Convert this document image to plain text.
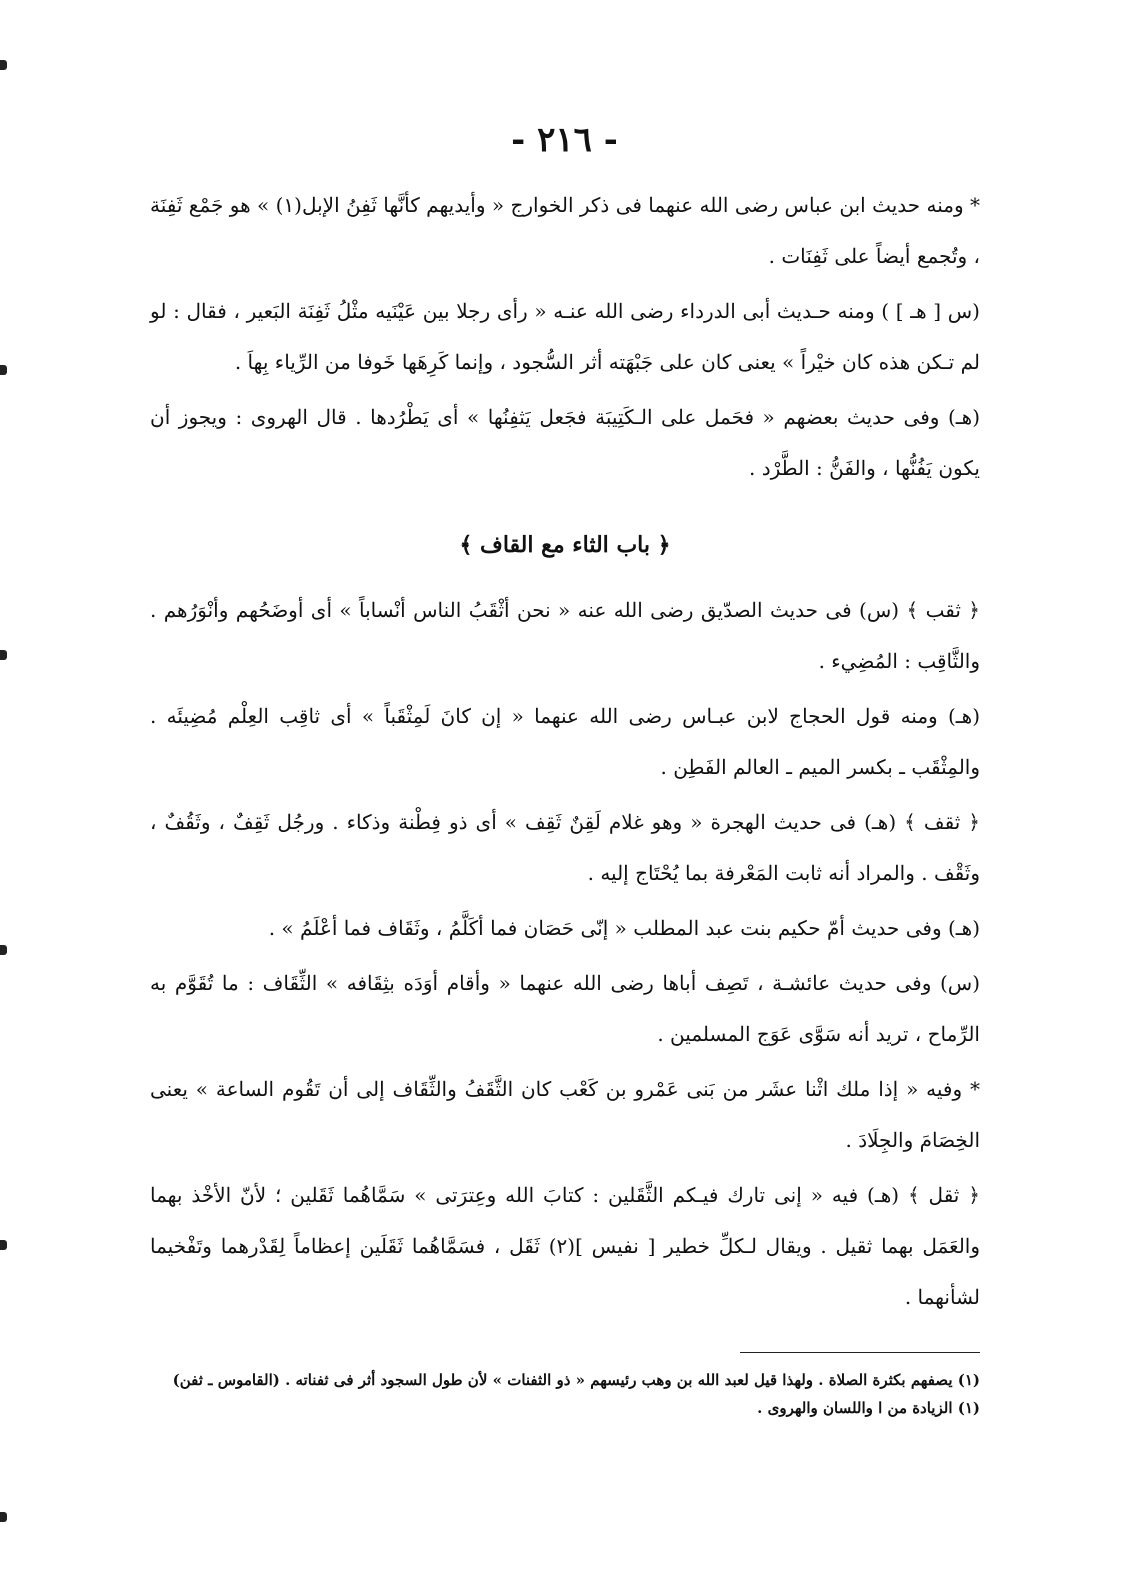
- ٢١٦ -

* ومنه حديث ابن عباس رضى الله عنهما فى ذكر الخوارج « وأيديهم كأنَّها ثَفِنُ الإبل(١) » هو جَمْع ثَفِنَة ، وتُجمع أيضاً على ثَفِنَات .

(س [ هـ ] ) ومنه حـديث أبى الدرداء رضى الله عنـه « رأى رجلا بين عَيْنَيه مثْلُ ثَفِنَة البَعير ، فقال : لو لم تـكن هذه كان خيْراً » يعنى كان على جَبْهَته أثر السُّجود ، وإنما كَرِهَها خَوفا من الرِّياء بِهاَ .

(هـ) وفى حديث بعضهم « فحَمل على الـكَتِيبَة فجَعل يَثفِنُها » أى يَطْرُدها . قال الهروى : ويجوز أن يكون يَفُنُّها ، والفَنُّ : الطَّرْد .

﴿ باب الثاء مع القاف ﴾

﴿ ثقب ﴾ (س) فى حديث الصدّيق رضى الله عنه « نحن أثْقَبُ الناس أنْساباً » أى أوضَحُهم وأنْوَرُهم . والثَّاقِب : المُضِيء .

(هـ) ومنه قول الحجاج لابن عبـاس رضى الله عنهما « إن كانَ لَمِثْقَباً » أى ثاقِب العِلْم مُضِيئَه . والمِثْقَب ـ بكسر الميم ـ العالم الفَطِن .

﴿ ثقف ﴾ (هـ) فى حديث الهجرة « وهو غلام لَقِنٌ ثَقِف » أى ذو فِطْنة وذكاء . ورجُل ثَقِفٌ ، وثَقُفٌ ، وثَقْف . والمراد أنه ثابت المَعْرفة بما يُحْتَاج إليه .

(هـ) وفى حديث أمّ حكيم بنت عبد المطلب « إنّى حَصَان فما أكَلَّمُ ، وثَقَاف فما أعْلَمُ » .

(س) وفى حديث عائشـة ، تَصِف أباها رضى الله عنهما « وأقام أوَدَه بثِقَافه » الثِّقَاف : ما تُقَوَّم به الرِّماح ، تريد أنه سَوَّى عَوَج المسلمين .

* وفيه « إذا ملك اثْنا عشَر من بَنى عَمْرو بن كَعْب كان الثَّقَفُ والثِّقَاف إلى أن تَقُوم الساعة » يعنى الخِصَامَ والجِلَادَ .

﴿ ثقل ﴾ (هـ) فيه « إنى تارك فيـكم الثَّقَلين : كتابَ الله وعِترَتى » سَمَّاهُما ثَقَلين ؛ لأنّ الأخْذ بهما والعَمَل بهما ثقيل . ويقال لـكلِّ خطير [ نفيس ](٢) ثَقَل ، فسَمَّاهُما ثَقَلَين إعظاماً لِقَدْرهما وتَفْخيما لشأنهما .

(١) يصفهم بكثرة الصلاة . ولهذا قيل لعبد الله بن وهب رئيسهم « ذو الثفنات » لأن طول السجود أثر فى ثفناته . (القاموس ـ ثفن)

(١) الزيادة من ا واللسان والهروى .
